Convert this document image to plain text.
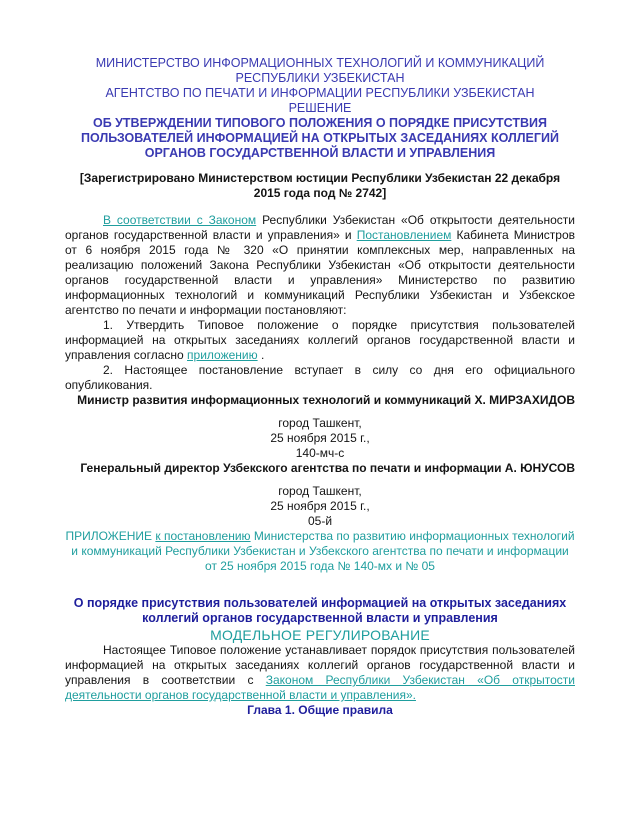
МИНИСТЕРСТВО ИНФОРМАЦИОННЫХ ТЕХНОЛОГИЙ И КОММУНИКАЦИЙ
РЕСПУБЛИКИ УЗБЕКИСТАН
АГЕНТСТВО ПО ПЕЧАТИ И ИНФОРМАЦИИ РЕСПУБЛИКИ УЗБЕКИСТАН
РЕШЕНИЕ
ОБ УТВЕРЖДЕНИИ ТИПОВОГО ПОЛОЖЕНИЯ О ПОРЯДКЕ ПРИСУТСТВИЯ ПОЛЬЗОВАТЕЛЕЙ ИНФОРМАЦИЕЙ НА ОТКРЫТЫХ ЗАСЕДАНИЯХ КОЛЛЕГИЙ ОРГАНОВ ГОСУДАРСТВЕННОЙ ВЛАСТИ И УПРАВЛЕНИЯ
[Зарегистрировано Министерством юстиции Республики Узбекистан 22 декабря 2015 года под № 2742]
В соответствии с Законом Республики Узбекистан «Об открытости деятельности органов государственной власти и управления» и Постановлением Кабинета Министров от 6 ноября 2015 года № 320 «О принятии комплексных мер, направленных на реализацию положений Закона Республики Узбекистан «Об открытости деятельности органов государственной власти и управления» Министерство по развитию информационных технологий и коммуникаций Республики Узбекистан и Узбекское агентство по печати и информации постановляют:
1. Утвердить Типовое положение о порядке присутствия пользователей информацией на открытых заседаниях коллегий органов государственной власти и управления согласно приложению .
2. Настоящее постановление вступает в силу со дня его официального опубликования.
Министр развития информационных технологий и коммуникаций Х. МИРЗАХИДОВ
город Ташкент,
25 ноября 2015 г.,
140-мч-с
Генеральный директор Узбекского агентства по печати и информации А. ЮНУСОВ
город Ташкент,
25 ноября 2015 г.,
05-й
ПРИЛОЖЕНИЕ к постановлению Министерства по развитию информационных технологий и коммуникаций Республики Узбекистан и Узбекского агентства по печати и информации от 25 ноября 2015 года № 140-мх и № 05
О порядке присутствия пользователей информацией на открытых заседаниях коллегий органов государственной власти и управления
МОДЕЛЬНОЕ РЕГУЛИРОВАНИЕ
Настоящее Типовое положение устанавливает порядок присутствия пользователей информацией на открытых заседаниях коллегий органов государственной власти и управления в соответствии с Законом Республики Узбекистан «Об открытости деятельности органов государственной власти и управления».
Глава 1. Общие правила
